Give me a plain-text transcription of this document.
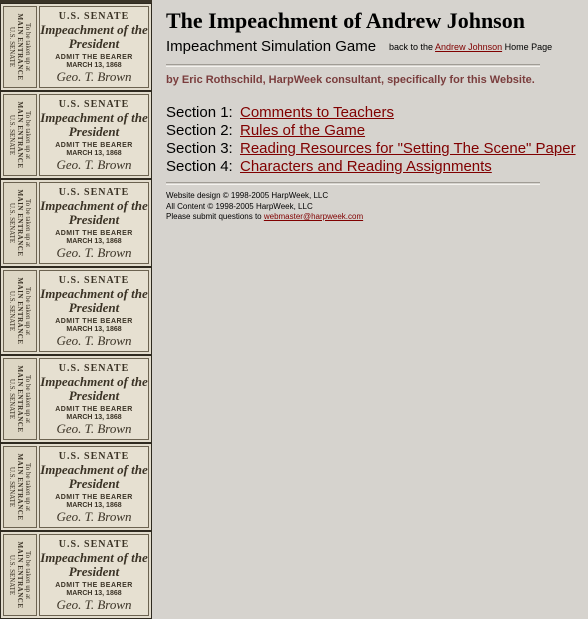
To be taken up at
MAIN ENTRANCE
U.S. SENATE
U.S. SENATE
Impeachment of the President
ADMIT THE BEARER
MARCH 13, 1868
Geo. T. Brown
To be taken up at
MAIN ENTRANCE
U.S. SENATE
U.S. SENATE
Impeachment of the President
ADMIT THE BEARER
MARCH 13, 1868
Geo. T. Brown
To be taken up at
MAIN ENTRANCE
U.S. SENATE
U.S. SENATE
Impeachment of the President
ADMIT THE BEARER
MARCH 13, 1868
Geo. T. Brown
To be taken up at
MAIN ENTRANCE
U.S. SENATE
U.S. SENATE
Impeachment of the President
ADMIT THE BEARER
MARCH 13, 1868
Geo. T. Brown
To be taken up at
MAIN ENTRANCE
U.S. SENATE
U.S. SENATE
Impeachment of the President
ADMIT THE BEARER
MARCH 13, 1868
Geo. T. Brown
To be taken up at
MAIN ENTRANCE
U.S. SENATE
U.S. SENATE
Impeachment of the President
ADMIT THE BEARER
MARCH 13, 1868
Geo. T. Brown
To be taken up at
MAIN ENTRANCE
U.S. SENATE
U.S. SENATE
Impeachment of the President
ADMIT THE BEARER
MARCH 13, 1868
Geo. T. Brown
The Impeachment of Andrew Johnson
Impeachment Simulation Game back to the Andrew Johnson Home Page
by Eric Rothschild, HarpWeek consultant, specifically for this Website.
Section 1: Comments to Teachers
Section 2: Rules of the Game
Section 3: Reading Resources for "Setting The Scene" Paper
Section 4: Characters and Reading Assignments
Website design © 1998-2005 HarpWeek, LLC
All Content © 1998-2005 HarpWeek, LLC
Please submit questions to webmaster@harpweek.com
